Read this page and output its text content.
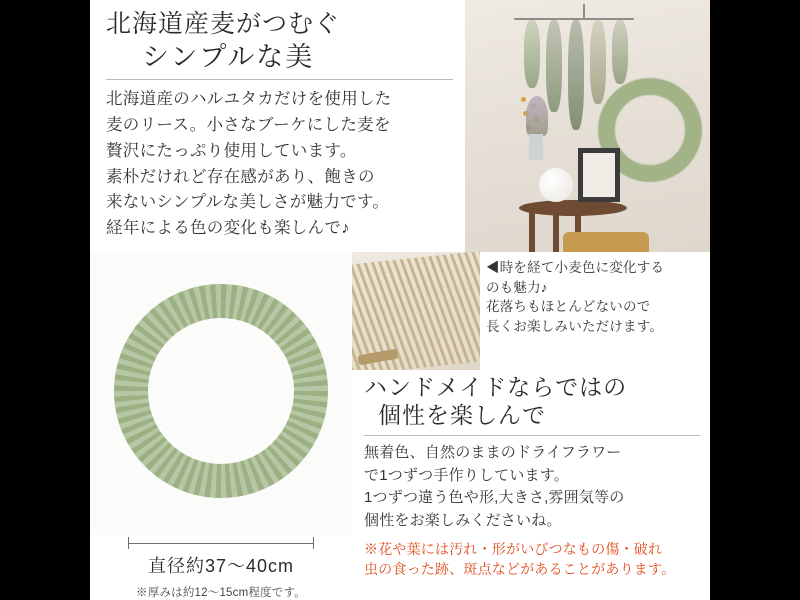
北海道産麦がつむぐ
シンプルな美
北海道産のハルユタカだけを使用した
麦のリース。小さなブーケにした麦を
贅沢にたっぷり使用しています。
素朴だけれど存在感があり、飽きの
来ないシンプルな美しさが魅力です。
経年による色の変化も楽しんで♪
◀時を経て小麦色に変化する
のも魅力♪
花落ちもほとんどないので
長くお楽しみいただけます。
ハンドメイドならではの
個性を楽しんで
無着色、自然のままのドライフラワー
で1つずつ手作りしています。
1つずつ違う色や形,大きさ,雰囲気等の
個性をお楽しみくださいね。
※花や葉には汚れ・形がいびつなもの傷・破れ
虫の食った跡、斑点などがあることがあります。
直径約37〜40cm
※厚みは約12〜15cm程度です。
